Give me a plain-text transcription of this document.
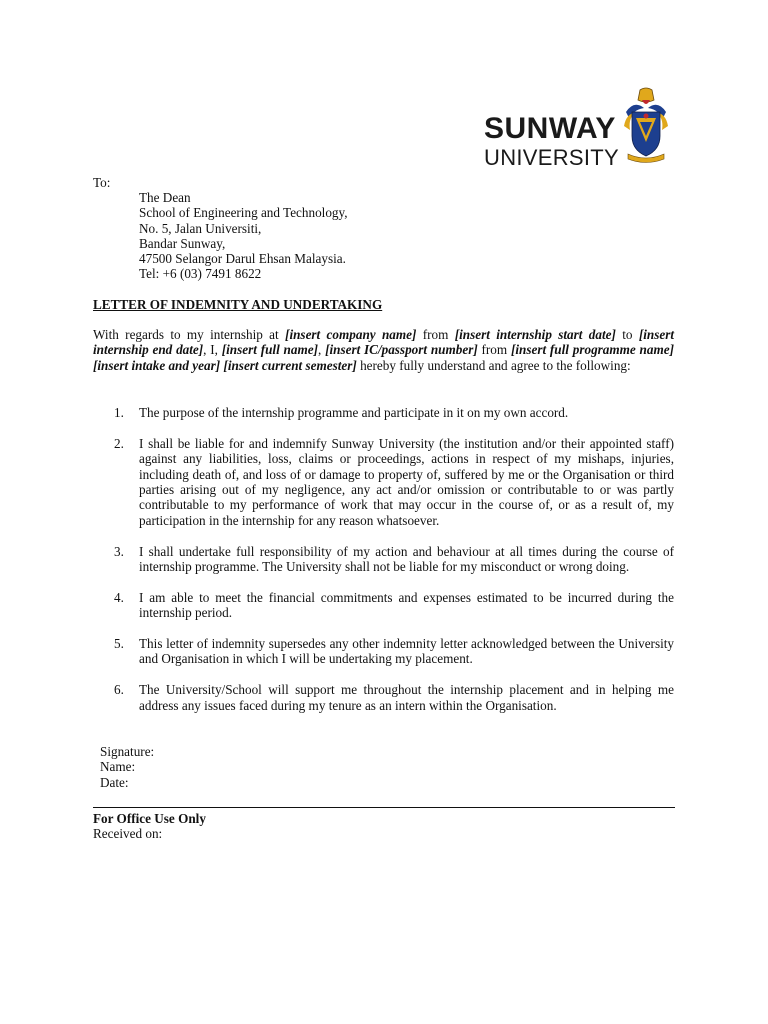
SUNWAY
UNIVERSITY
To:
The Dean
School of Engineering and Technology,
No. 5, Jalan Universiti,
Bandar Sunway,
47500 Selangor Darul Ehsan Malaysia.
Tel: +6 (03) 7491 8622
LETTER OF INDEMNITY AND UNDERTAKING
With regards to my internship at [insert company name] from [insert internship start date] to [insert internship end date], I, [insert full name], [insert IC/passport number] from [insert full programme name] [insert intake and year] [insert current semester] hereby fully understand and agree to the following:
1. The purpose of the internship programme and participate in it on my own accord.
2. I shall be liable for and indemnify Sunway University (the institution and/or their appointed staff) against any liabilities, loss, claims or proceedings, actions in respect of my mishaps, injuries, including death of, and loss of or damage to property of, suffered by me or the Organisation or third parties arising out of my negligence, any act and/or omission or contributable to or was partly contributable to my performance of work that may occur in the course of, or as a result of, my participation in the internship for any reason whatsoever.
3. I shall undertake full responsibility of my action and behaviour at all times during the course of internship programme. The University shall not be liable for my misconduct or wrong doing.
4. I am able to meet the financial commitments and expenses estimated to be incurred during the internship period.
5. This letter of indemnity supersedes any other indemnity letter acknowledged between the University and Organisation in which I will be undertaking my placement.
6. The University/School will support me throughout the internship placement and in helping me address any issues faced during my tenure as an intern within the Organisation.
Signature:
Name:
Date:
For Office Use Only
Received on:
